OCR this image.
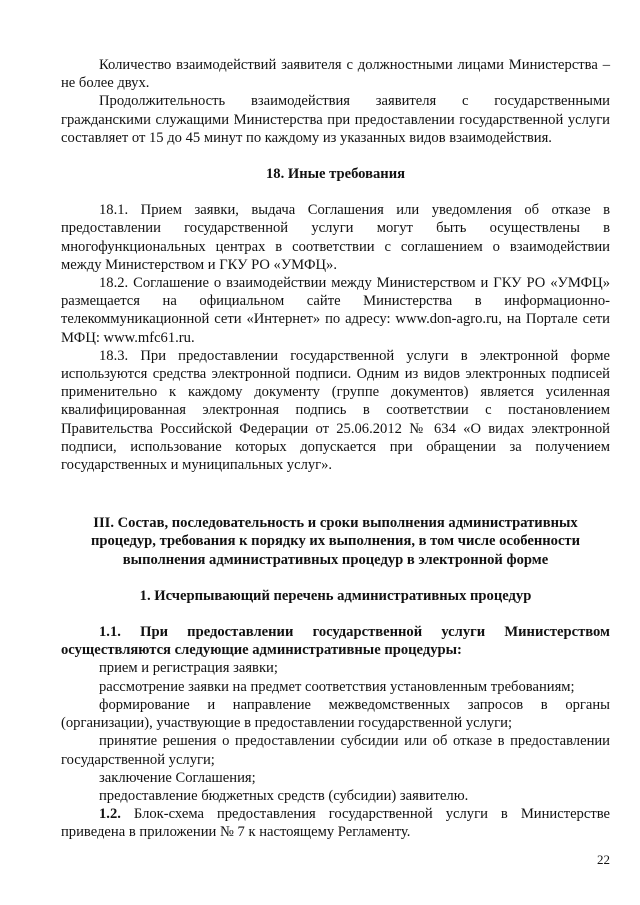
Количество взаимодействий заявителя с должностными лицами Министерства – не более двух.

Продолжительность взаимодействия заявителя с государственными гражданскими служащими Министерства при предоставлении государственной услуги составляет от 15 до 45 минут по каждому из указанных видов взаимодействия.

18. Иные требования

18.1. Прием заявки, выдача Соглашения или уведомления об отказе в предоставлении государственной услуги могут быть осуществлены в многофункциональных центрах в соответствии с соглашением о взаимодействии между Министерством и ГКУ РО «УМФЦ».

18.2. Соглашение о взаимодействии между Министерством и ГКУ РО «УМФЦ» размещается на официальном сайте Министерства в информационно-телекоммуникационной сети «Интернет» по адресу: www.don-agro.ru, на Портале сети МФЦ: www.mfc61.ru.

18.3. При предоставлении государственной услуги в электронной форме используются средства электронной подписи. Одним из видов электронных подписей применительно к каждому документу (группе документов) является усиленная квалифицированная электронная подпись в соответствии с постановлением Правительства Российской Федерации от 25.06.2012 № 634 «О видах электронной подписи, использование которых допускается при обращении за получением государственных и муниципальных услуг».

III. Состав, последовательность и сроки выполнения административных процедур, требования к порядку их выполнения, в том числе особенности выполнения административных процедур в электронной форме

1. Исчерпывающий перечень административных процедур

1.1. При предоставлении государственной услуги Министерством осуществляются следующие административные процедуры:

прием и регистрация заявки;

рассмотрение заявки на предмет соответствия установленным требованиям;

формирование и направление межведомственных запросов в органы (организации), участвующие в предоставлении государственной услуги;

принятие решения о предоставлении субсидии или об отказе в предоставлении государственной услуги;

заключение Соглашения;

предоставление бюджетных средств (субсидии) заявителю.

1.2. Блок-схема предоставления государственной услуги в Министерстве приведена в приложении № 7 к настоящему Регламенту.

22
